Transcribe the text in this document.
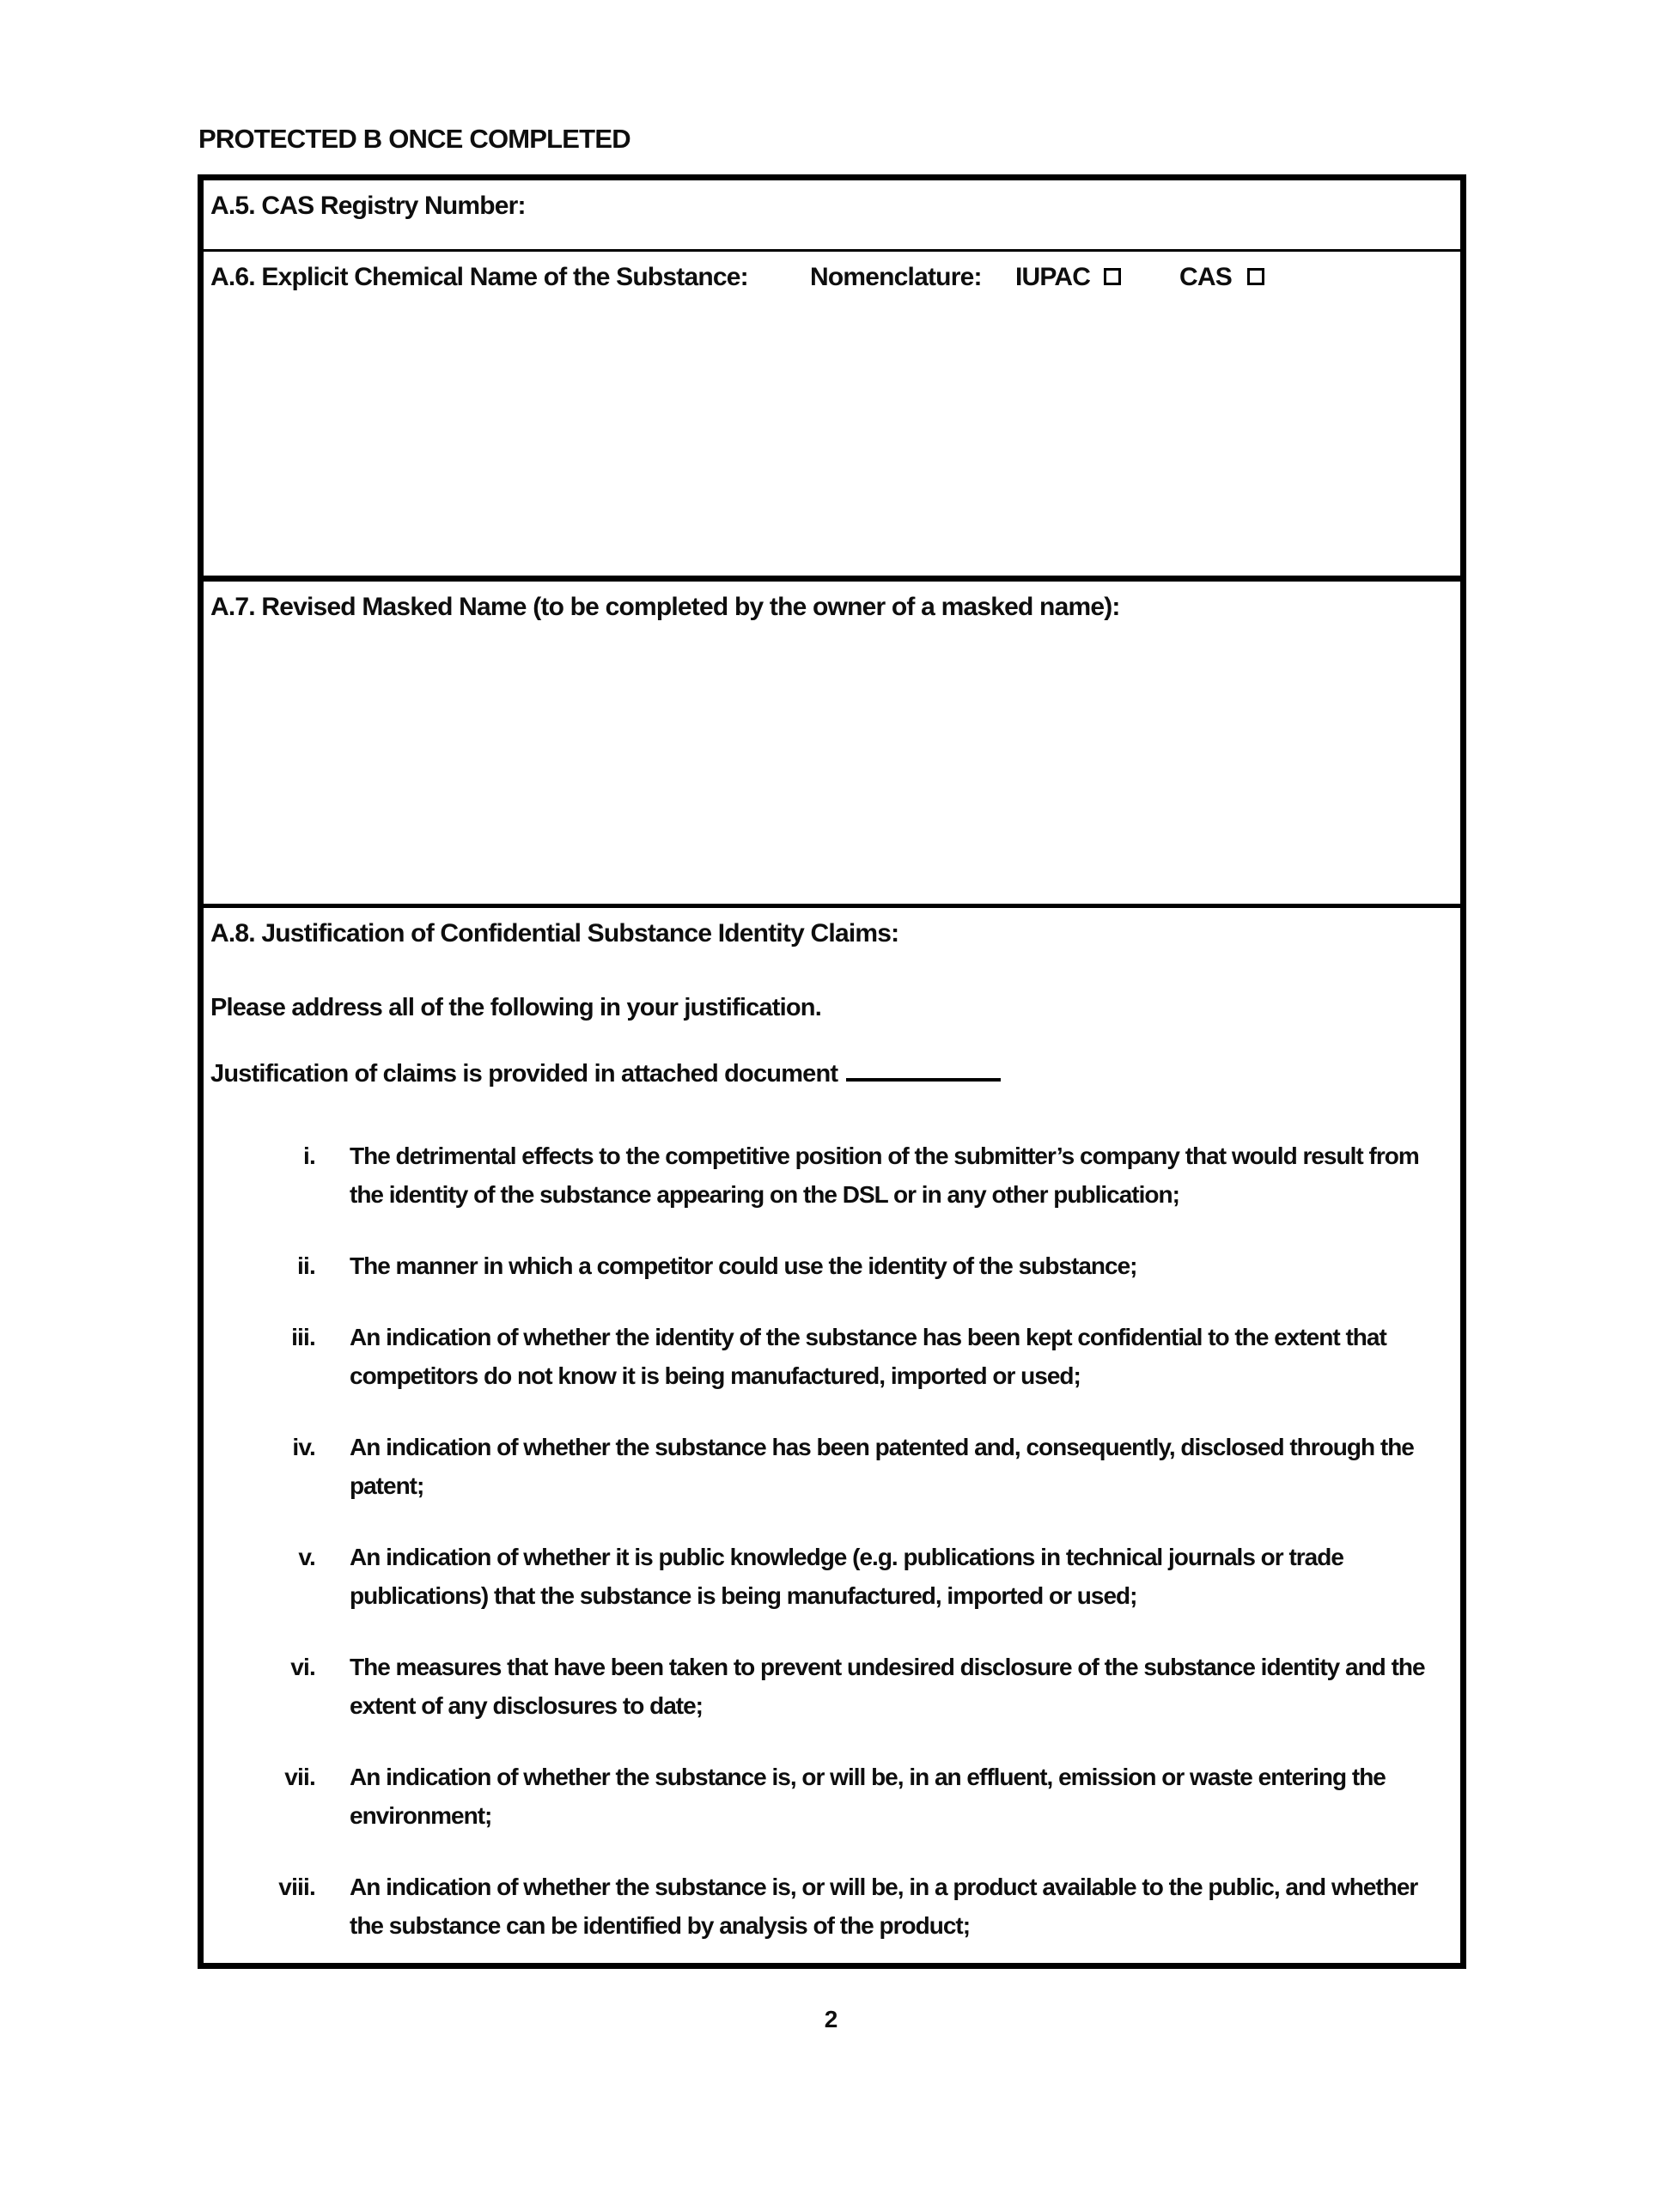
PROTECTED B ONCE COMPLETED
A.5. CAS Registry Number:
A.6. Explicit Chemical Name of the Substance:	Nomenclature: IUPAC	CAS
A.7. Revised Masked Name (to be completed by the owner of a masked name):
A.8. Justification of Confidential Substance Identity Claims:
Please address all of the following in your justification.
Justification of claims is provided in attached document
i. The detrimental effects to the competitive position of the submitter’s company that would result from the identity of the substance appearing on the DSL or in any other publication;
ii. The manner in which a competitor could use the identity of the substance;
iii. An indication of whether the identity of the substance has been kept confidential to the extent that competitors do not know it is being manufactured, imported or used;
iv. An indication of whether the substance has been patented and, consequently, disclosed through the patent;
v. An indication of whether it is public knowledge (e.g. publications in technical journals or trade publications) that the substance is being manufactured, imported or used;
vi. The measures that have been taken to prevent undesired disclosure of the substance identity and the extent of any disclosures to date;
vii. An indication of whether the substance is, or will be, in an effluent, emission or waste entering the environment;
viii. An indication of whether the substance is, or will be, in a product available to the public, and whether the substance can be identified by analysis of the product;
2
